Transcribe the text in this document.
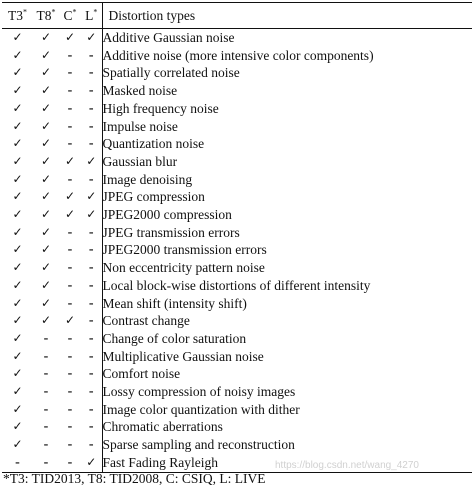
T3*	T8*	C*	L*	Distortion types
✓	✓	✓	✓	Additive Gaussian noise
✓	✓	-	-	Additive noise (more intensive color components)
✓	✓	-	-	Spatially correlated noise
✓	✓	-	-	Masked noise
✓	✓	-	-	High frequency noise
✓	✓	-	-	Impulse noise
✓	✓	-	-	Quantization noise
✓	✓	✓	✓	Gaussian blur
✓	✓	-	-	Image denoising
✓	✓	✓	✓	JPEG compression
✓	✓	✓	✓	JPEG2000 compression
✓	✓	-	-	JPEG transmission errors
✓	✓	-	-	JPEG2000 transmission errors
✓	✓	-	-	Non eccentricity pattern noise
✓	✓	-	-	Local block-wise distortions of different intensity
✓	✓	-	-	Mean shift (intensity shift)
✓	✓	✓	-	Contrast change
✓	-	-	-	Change of color saturation
✓	-	-	-	Multiplicative Gaussian noise
✓	-	-	-	Comfort noise
✓	-	-	-	Lossy compression of noisy images
✓	-	-	-	Image color quantization with dither
✓	-	-	-	Chromatic aberrations
✓	-	-	-	Sparse sampling and reconstruction
-	-	-	✓	Fast Fading Rayleigh	https://blog.csdn.net/wang_4270
*T3: TID2013, T8: TID2008, C: CSIQ, L: LIVE
